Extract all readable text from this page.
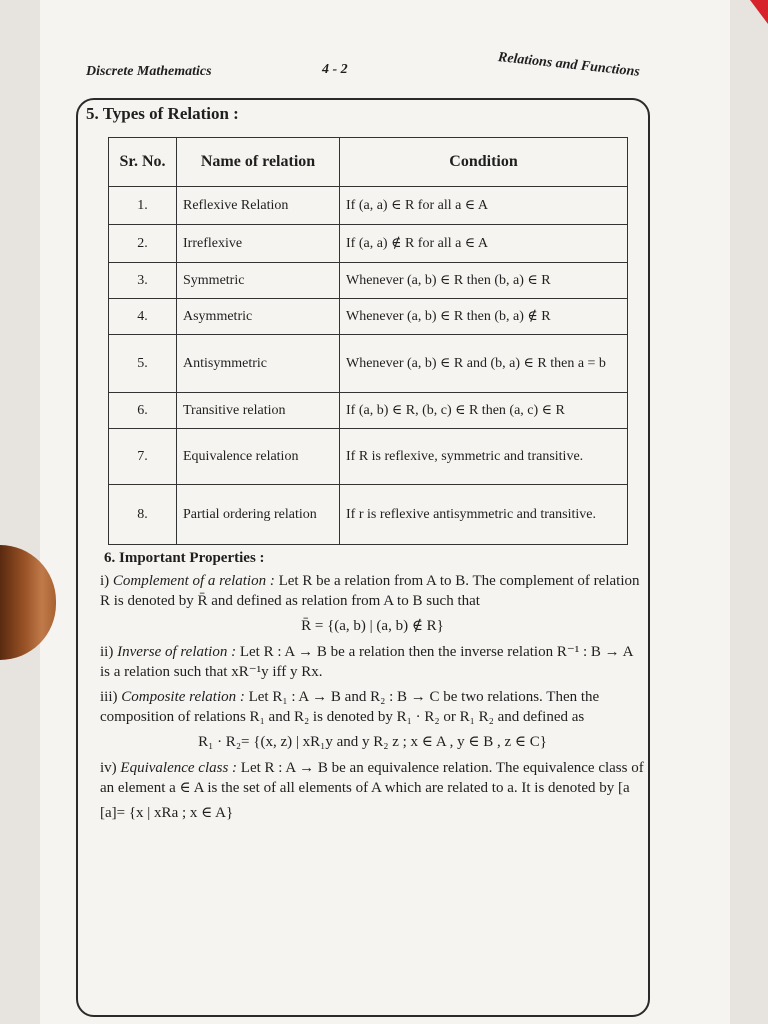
Discrete Mathematics	4 - 2	Relations and Functions
5. Types of Relation :
Sr. No.	Name of relation	Condition
1.	Reflexive Relation	If (a, a) ∈ R for all a ∈ A
2.	Irreflexive	If (a, a) ∉ R for all a ∈ A
3.	Symmetric	Whenever (a, b) ∈ R then (b, a) ∈ R
4.	Asymmetric	Whenever (a, b) ∈ R then (b, a) ∉ R
5.	Antisymmetric	Whenever (a, b) ∈ R and (b, a) ∈ R then a = b
6.	Transitive relation	If (a, b) ∈ R, (b, c) ∈ R then (a, c) ∈ R
7.	Equivalence relation	If R is reflexive, symmetric and transitive.
8.	Partial ordering relation	If r is reflexive antisymmetric and transitive.
6. Important Properties :

i) Complement of a relation : Let R be a relation from A to B. The complement of relation R is denoted by R̄ and defined as relation from A to B such that

R̄ = {(a, b) | (a, b) ∉ R}

ii) Inverse of relation : Let R : A → B be a relation then the inverse relation R⁻¹ : B → A is a relation such that xR⁻¹y iff y Rx.

iii) Composite relation : Let R₁ : A → B and R₂ : B → C be two relations. Then the composition of relations R₁ and R₂ is denoted by R₁ · R₂ or R₁ R₂ and defined as

R₁ · R₂= {(x, z) | xR₁y and y R₂ z ; x ∈ A , y ∈ B , z ∈ C}

iv) Equivalence class : Let R : A → B be an equivalence relation. The equivalence class of an element a ∈ A is the set of all elements of A which are related to a. It is denoted by [a

[a]= {x | xRa ; x ∈ A}
